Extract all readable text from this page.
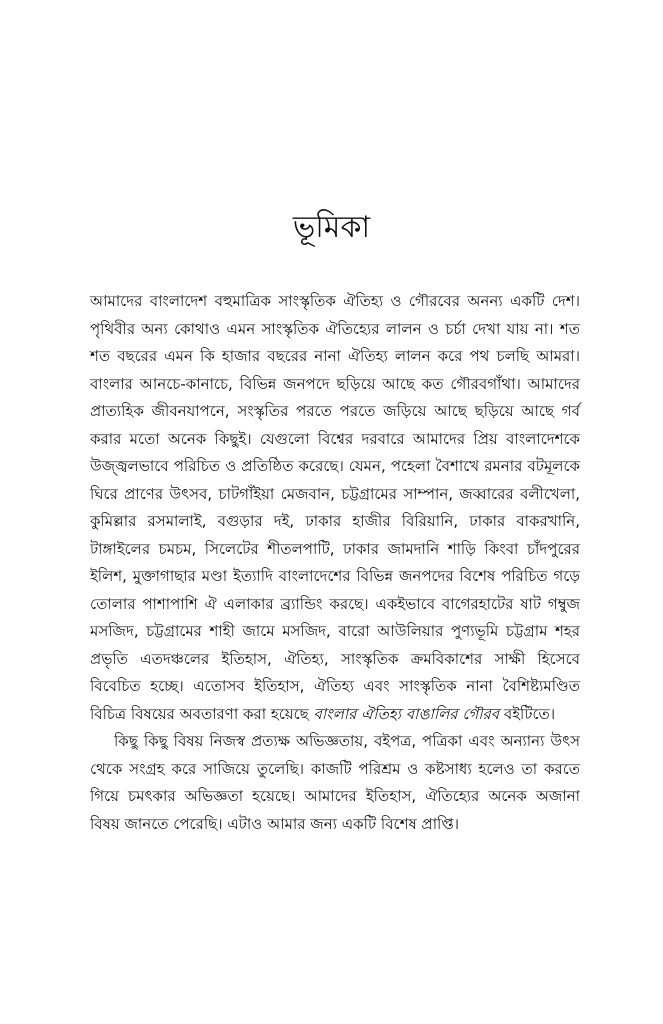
ভূমিকা

আমাদের বাংলাদেশ বহুমাত্রিক সাংস্কৃতিক ঐতিহ্য ও গৌরবের অনন্য একটি দেশ। পৃথিবীর অন্য কোথাও এমন সাংস্কৃতিক ঐতিহ্যের লালন ও চর্চা দেখা যায় না। শত শত বছরের এমন কি হাজার বছরের নানা ঐতিহ্য লালন করে পথ চলছি আমরা। বাংলার আনচে-কানাচে, বিভিন্ন জনপদে ছড়িয়ে আছে কত গৌরবগাঁথা। আমাদের প্রাত্যহিক জীবনযাপনে, সংস্কৃতির পরতে পরতে জড়িয়ে আছে ছড়িয়ে আছে গর্ব করার মতো অনেক কিছুই। যেগুলো বিশ্বের দরবারে আমাদের প্রিয় বাংলাদেশকে উজ্জ্বলভাবে পরিচিত ও প্রতিষ্ঠিত করেছে। যেমন, পহেলা বৈশাখে রমনার বটমূলকে ঘিরে প্রাণের উৎসব, চাটগাঁইয়া মেজবান, চট্টগ্রামের সাম্পান, জব্বারের বলীখেলা, কুমিল্লার রসমালাই, বগুড়ার দই, ঢাকার হাজীর বিরিয়ানি, ঢাকার বাকরখানি, টাঙ্গাইলের চমচম, সিলেটের শীতলপাটি, ঢাকার জামদানি শাড়ি কিংবা চাঁদপুরের ইলিশ, মুক্তাগাছার মণ্ডা ইত্যাদি বাংলাদেশের বিভিন্ন জনপদের বিশেষ পরিচিত গড়ে তোলার পাশাপাশি ঐ এলাকার ব্র্যান্ডিং করছে। একইভাবে বাগেরহাটের ষাট গম্বুজ মসজিদ, চট্টগ্রামের শাহী জামে মসজিদ, বারো আউলিয়ার পুণ্যভূমি চট্টগ্রাম শহর প্রভৃতি এতদঞ্চলের ইতিহাস, ঐতিহ্য, সাংস্কৃতিক ক্রমবিকাশের সাক্ষী হিসেবে বিবেচিত হচ্ছে। এতোসব ইতিহাস, ঐতিহ্য এবং সাংস্কৃতিক নানা বৈশিষ্ট্যমণ্ডিত বিচিত্র বিষয়ের অবতারণা করা হয়েছে বাংলার ঐতিহ্য বাঙালির গৌরব বইটিতে।

কিছু কিছু বিষয় নিজস্ব প্রত্যক্ষ অভিজ্ঞতায়, বইপত্র, পত্রিকা এবং অন্যান্য উৎস থেকে সংগ্রহ করে সাজিয়ে তুলেছি। কাজটি পরিশ্রম ও কষ্টসাধ্য হলেও তা করতে গিয়ে চমৎকার অভিজ্ঞতা হয়েছে। আমাদের ইতিহাস, ঐতিহ্যের অনেক অজানা বিষয় জানতে পেরেছি। এটাও আমার জন্য একটি বিশেষ প্রাপ্তি।
